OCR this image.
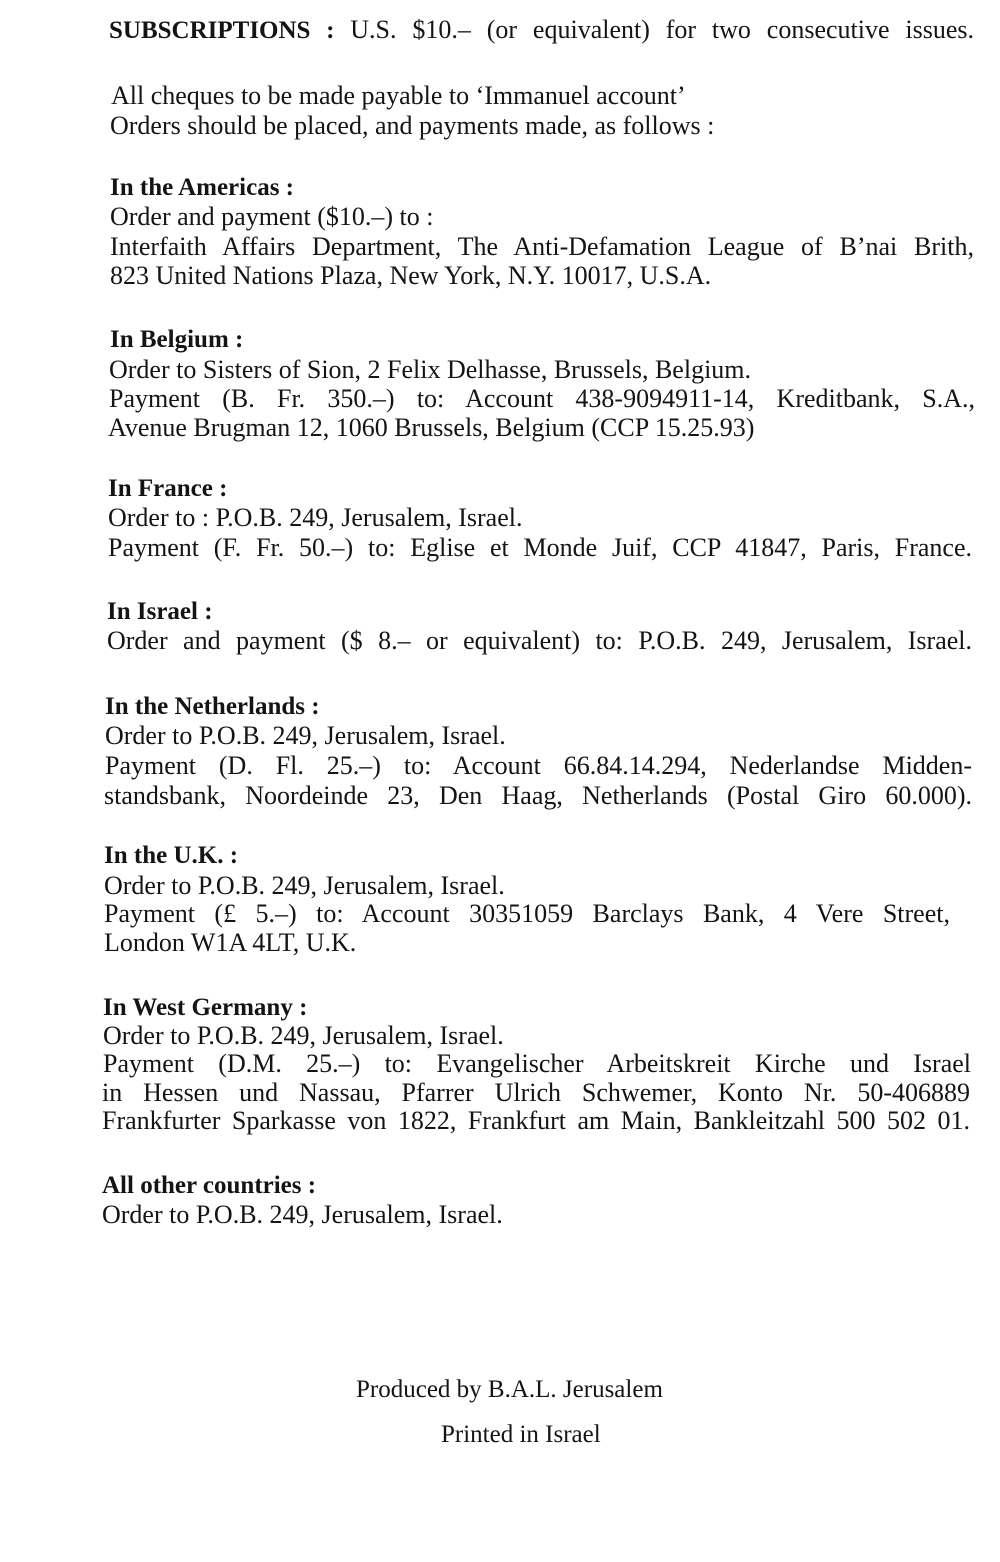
SUBSCRIPTIONS : U.S. $10.– (or equivalent) for two consecutive issues.
All cheques to be made payable to ‘Immanuel account’
Orders should be placed, and payments made, as follows :
In the Americas :
Order and payment ($10.–) to :
Interfaith Affairs Department, The Anti-Defamation League of B’nai Brith,
823 United Nations Plaza, New York, N.Y. 10017, U.S.A.
In Belgium :
Order to Sisters of Sion, 2 Felix Delhasse, Brussels, Belgium.
Payment (B. Fr. 350.–) to: Account 438-9094911-14, Kreditbank, S.A.,
Avenue Brugman 12, 1060 Brussels, Belgium (CCP 15.25.93)
In France :
Order to : P.O.B. 249, Jerusalem, Israel.
Payment (F. Fr. 50.–) to: Eglise et Monde Juif, CCP 41847, Paris, France.
In Israel :
Order and payment ($ 8.– or equivalent) to: P.O.B. 249, Jerusalem, Israel.
In the Netherlands :
Order to P.O.B. 249, Jerusalem, Israel.
Payment (D. Fl. 25.–) to: Account 66.84.14.294, Nederlandse Midden-
standsbank, Noordeinde 23, Den Haag, Netherlands (Postal Giro 60.000).
In the U.K. :
Order to P.O.B. 249, Jerusalem, Israel.
Payment (£ 5.–) to: Account 30351059 Barclays Bank, 4 Vere Street,
London W1A 4LT, U.K.
In West Germany :
Order to P.O.B. 249, Jerusalem, Israel.
Payment (D.M. 25.–) to: Evangelischer Arbeitskreit Kirche und Israel
in Hessen und Nassau, Pfarrer Ulrich Schwemer, Konto Nr. 50-406889
Frankfurter Sparkasse von 1822, Frankfurt am Main, Bankleitzahl 500 502 01.
All other countries :
Order to P.O.B. 249, Jerusalem, Israel.
Produced by B.A.L. Jerusalem
Printed in Israel
